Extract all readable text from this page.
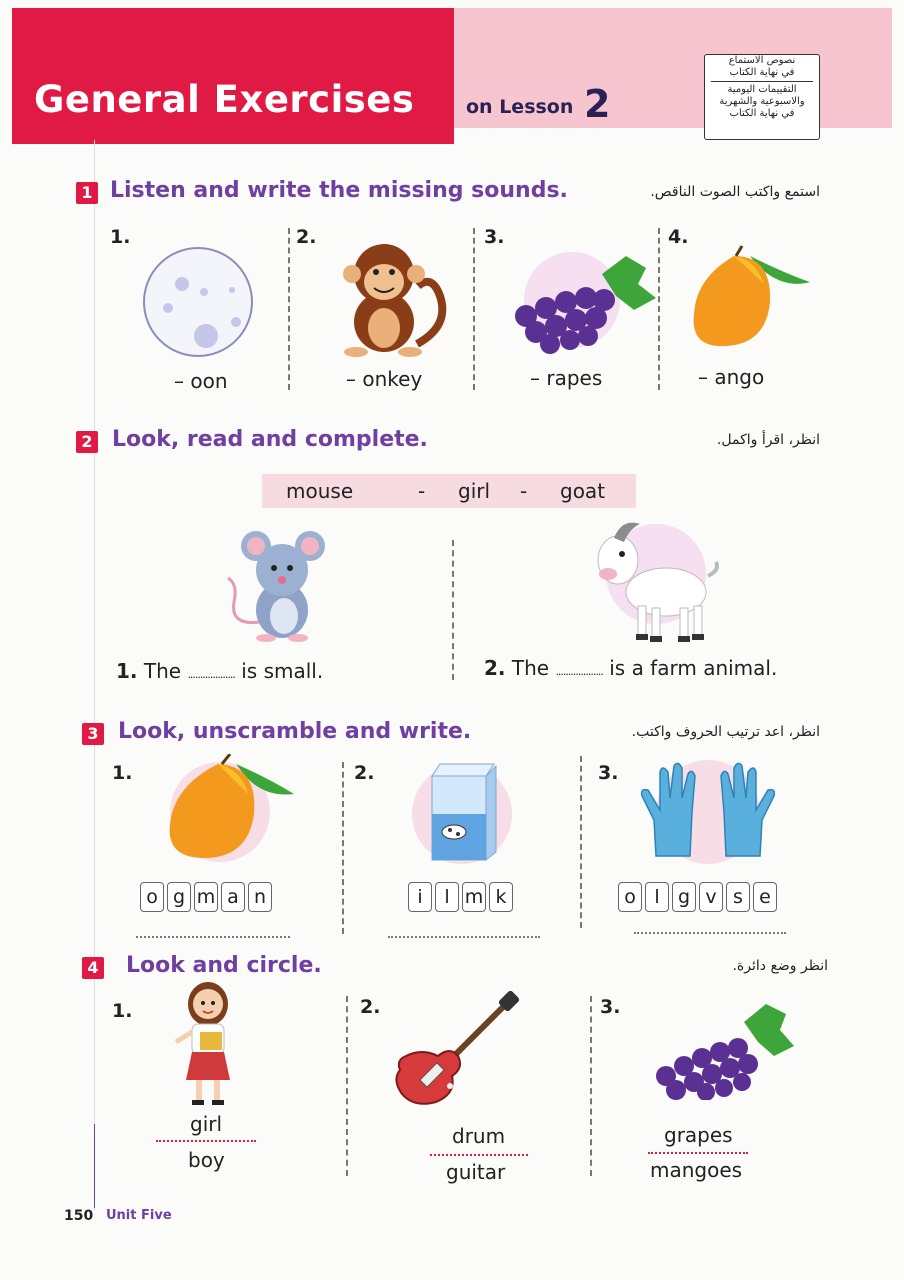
General Exercises	on Lesson 2
نصوص الاستماع
في نهاية الكتاب
التقييمات اليومية
والاسبوعية والشهرية
في نهاية الكتاب
1 Listen and write the missing sounds.	استمع واكتب الصوت الناقص.
1.	2.	3.	4.
– oon	– onkey	– rapes	– ango
2 Look, read and complete.	انظر، اقرأ واكمل.
mouse	- girl - goat
1. The ................... is small.	2. The ................... is a farm animal.
3 Look, unscramble and write.	انظر، اعد ترتيب الحروف واكتب.
1.	2.	3.
o g m a n	i l m k	o l g v s e
4 Look and circle.	انظر وضع دائرة.
1.	2.	3.
girl
boy
drum
guitar
grapes
mangoes
150 Unit Five
